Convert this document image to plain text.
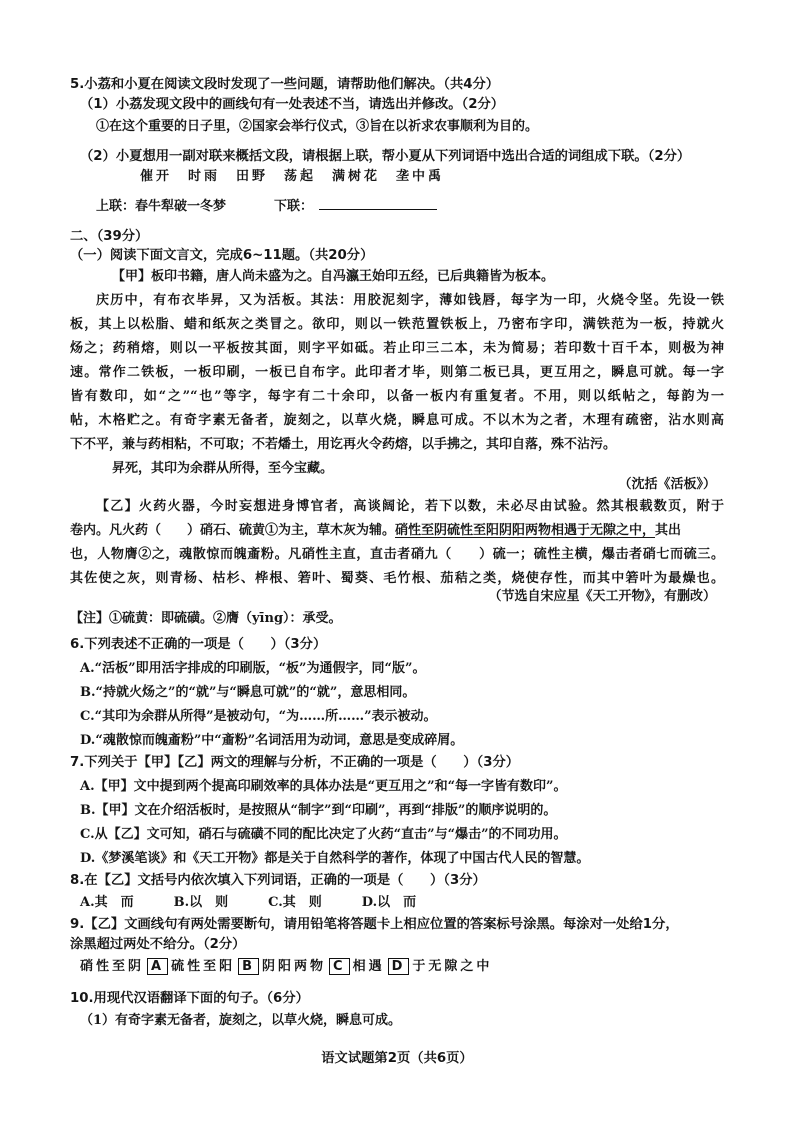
5.小荔和小夏在阅读文段时发现了一些问题，请帮助他们解决。（共4分）
（1）小荔发现文段中的画线句有一处表述不当，请选出并修改。（2分）
①在这个重要的日子里，②国家会举行仪式，③旨在以祈求农事顺利为目的。
（2）小夏想用一副对联来概括文段，请根据上联，帮小夏从下列词语中选出合适的词组成下联。（2分）
催开　时雨　田野　荡起　满树花　垄中禹
上联：春牛犁破一冬梦	下联：
二、（39分）
（一）阅读下面文言文，完成6~11题。（共20分）
【甲】板印书籍，唐人尚未盛为之。自冯瀛王始印五经，已后典籍皆为板本。
庆历中，有布衣毕昇，又为活板。其法：用胶泥刻字，薄如钱唇，每字为一印，火烧令坚。先设一铁
板，其上以松脂、蜡和纸灰之类冒之。欲印，则以一铁范置铁板上，乃密布字印，满铁范为一板，持就火
炀之；药稍熔，则以一平板按其面，则字平如砥。若止印三二本，未为简易；若印数十百千本，则极为神
速。常作二铁板，一板印刷，一板已自布字。此印者才毕，则第二板已具，更互用之，瞬息可就。每一字
皆有数印，如“之”“也”等字，每字有二十余印，以备一板内有重复者。不用，则以纸帖之，每韵为一
帖，木格贮之。有奇字素无备者，旋刻之，以草火烧，瞬息可成。不以木为之者，木理有疏密，沾水则高
下不平，兼与药相粘，不可取；不若燔土，用讫再火令药熔，以手拂之，其印自落，殊不沾污。
昇死，其印为余群从所得，至今宝藏。
（沈括《活板》）
【乙】火药火器，今时妄想进身博官者，高谈阔论，若下以数，未必尽由试验。然其根载数页，附于
卷内。凡火药（　　）硝石、硫黄①为主，草木灰为辅。硝性至阴硫性至阳阴阳两物相遇于无隙之中，其出
也，人物膺②之，魂散惊而魄齑粉。凡硝性主直，直击者硝九（　　）硫一；硫性主横，爆击者硝七而硫三。
其佐使之灰，则青杨、枯杉、桦根、箬叶、蜀葵、毛竹根、茄秸之类，烧使存性，而其中箬叶为最燥也。
（节选自宋应星《天工开物》，有删改）
【注】①硫黄：即硫磺。②膺（yīng）：承受。
6.下列表述不正确的一项是（　　）（3分）
A.“活板”即用活字排成的印刷版，“板”为通假字，同“版”。
B.“持就火炀之”的“就”与“瞬息可就”的“就”，意思相同。
C.“其印为余群从所得”是被动句，“为……所……”表示被动。
D.“魂散惊而魄齑粉”中“齑粉”名词活用为动词，意思是变成碎屑。
7.下列关于【甲】【乙】两文的理解与分析，不正确的一项是（　　）（3分）
A.【甲】文中提到两个提高印刷效率的具体办法是“更互用之”和“每一字皆有数印”。
B.【甲】文在介绍活板时，是按照从“制字”到“印刷”，再到“排版”的顺序说明的。
C.从【乙】文可知，硝石与硫磺不同的配比决定了火药“直击”与“爆击”的不同功用。
D.《梦溪笔谈》和《天工开物》都是关于自然科学的著作，体现了中国古代人民的智慧。
8.在【乙】文括号内依次填入下列词语，正确的一项是（　　）（3分）
A.其　而	B.以　则	C.其　则	D.以　而
9.【乙】文画线句有两处需要断句，请用铅笔将答题卡上相应位置的答案标号涂黑。每涂对一处给1分，
涂黑超过两处不给分。（2分）
硝性至阴 A 硫性至阳 B 阴阳两物 C 相遇 D 于无隙之中
10.用现代汉语翻译下面的句子。（6分）
（1）有奇字素无备者，旋刻之，以草火烧，瞬息可成。
语文试题第2页（共6页）
